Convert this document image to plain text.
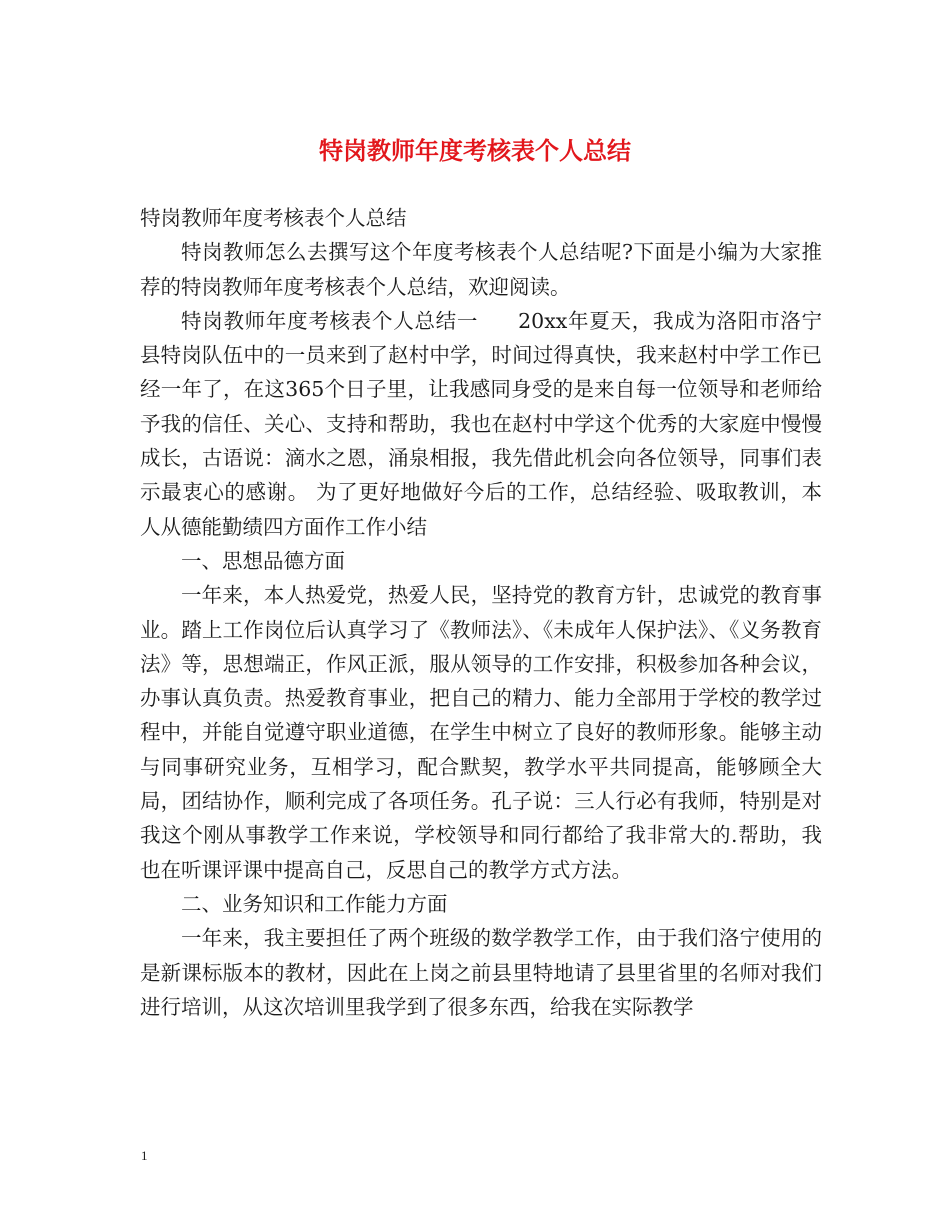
特岗教师年度考核表个人总结

特岗教师年度考核表个人总结

特岗教师怎么去撰写这个年度考核表个人总结呢?下面是小编为大家推荐的特岗教师年度考核表个人总结，欢迎阅读。

特岗教师年度考核表个人总结一 20xx年夏天，我成为洛阳市洛宁县特岗队伍中的一员来到了赵村中学，时间过得真快，我来赵村中学工作已经一年了，在这365个日子里，让我感同身受的是来自每一位领导和老师给予我的信任、关心、支持和帮助，我也在赵村中学这个优秀的大家庭中慢慢成长，古语说：滴水之恩，涌泉相报，我先借此机会向各位领导，同事们表示最衷心的感谢。 为了更好地做好今后的工作，总结经验、吸取教训，本人从德能勤绩四方面作工作小结

一、思想品德方面

一年来，本人热爱党，热爱人民，坚持党的教育方针，忠诚党的教育事业。踏上工作岗位后认真学习了《教师法》、《未成年人保护法》、《义务教育法》等，思想端正，作风正派，服从领导的工作安排，积极参加各种会议，办事认真负责。热爱教育事业，把自己的精力、能力全部用于学校的教学过程中，并能自觉遵守职业道德，在学生中树立了良好的教师形象。能够主动与同事研究业务，互相学习，配合默契，教学水平共同提高，能够顾全大局，团结协作，顺利完成了各项任务。孔子说：三人行必有我师，特别是对我这个刚从事教学工作来说，学校领导和同行都给了我非常大的.帮助，我也在听课评课中提高自己，反思自己的教学方式方法。

二、业务知识和工作能力方面

一年来，我主要担任了两个班级的数学教学工作，由于我们洛宁使用的是新课标版本的教材，因此在上岗之前县里特地请了县里省里的名师对我们进行培训，从这次培训里我学到了很多东西，给我在实际教学

1
